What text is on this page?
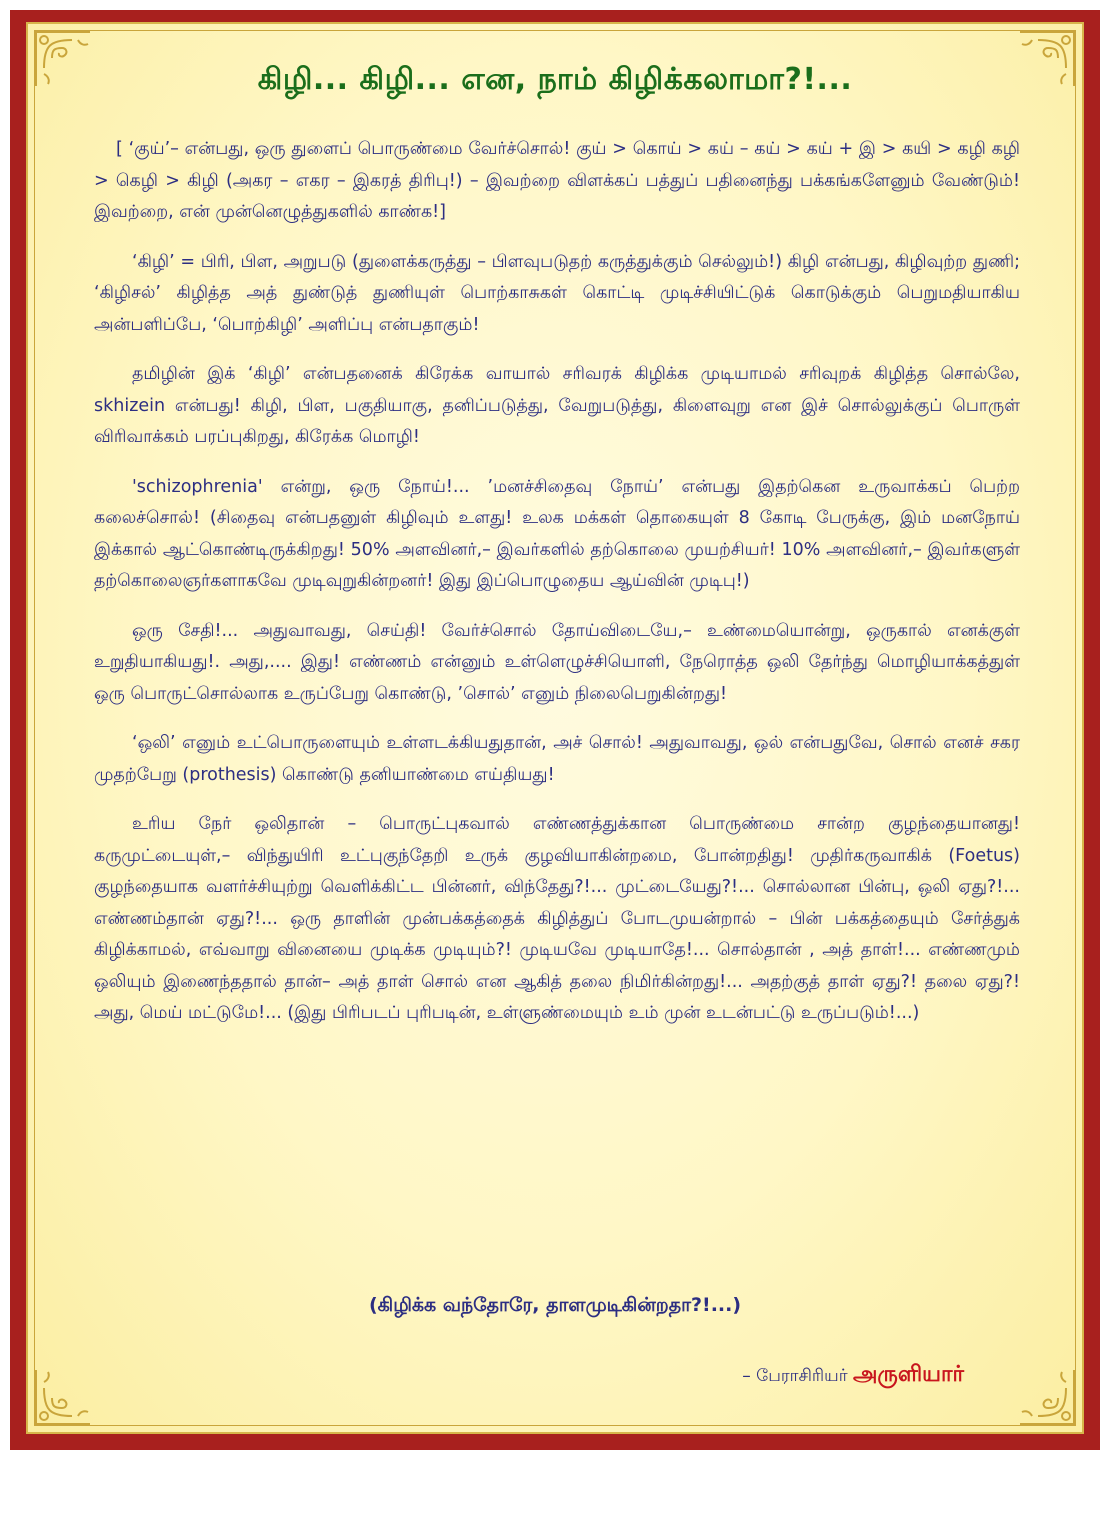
கிழி... கிழி... என, நாம் கிழிக்கலாமா?!...

[ ‘குய்’– என்பது, ஒரு துளைப் பொருண்மை வேர்ச்சொல்! குய் > கொய் > கய் – கய் > கய் + இ > கயி > கழி கழி > கெழி > கிழி (அகர – எகர – இகரத் திரிபு!) – இவற்றை விளக்கப் பத்துப் பதினைந்து பக்கங்களேனும் வேண்டும்! இவற்றை, என் முன்னெழுத்துகளில் காண்க!]

‘கிழி’ = பிரி, பிள, அறுபடு (துளைக்கருத்து – பிளவுபடுதற் கருத்துக்கும் செல்லும்!) கிழி என்பது, கிழிவுற்ற துணி; ‘கிழிசல்’ கிழித்த அத் துண்டுத் துணியுள் பொற்காசுகள் கொட்டி முடிச்சியிட்டுக் கொடுக்கும் பெறுமதியாகிய அன்பளிப்பே, ‘பொற்கிழி’ அளிப்பு என்பதாகும்!

தமிழின் இக் ‘கிழி’ என்பதனைக் கிரேக்க வாயால் சரிவரக் கிழிக்க முடியாமல் சரிவுறக் கிழித்த சொல்லே, skhizein என்பது! கிழி, பிள, பகுதியாகு, தனிப்படுத்து, வேறுபடுத்து, கிளைவுறு என இச் சொல்லுக்குப் பொருள் விரிவாக்கம் பரப்புகிறது, கிரேக்க மொழி!

'schizophrenia' என்று, ஒரு நோய்!... ’மனச்சிதைவு நோய்’ என்பது இதற்கென உருவாக்கப் பெற்ற கலைச்சொல்! (சிதைவு என்பதனுள் கிழிவும் உளது! உலக மக்கள் தொகையுள் 8 கோடி பேருக்கு, இம் மனநோய் இக்கால் ஆட்கொண்டிருக்கிறது! 50% அளவினர்,– இவர்களில் தற்கொலை முயற்சியர்! 10% அளவினர்,– இவர்களுள் தற்கொலைஞர்களாகவே முடிவுறுகின்றனர்! இது இப்பொழுதைய ஆய்வின் முடிபு!)

ஒரு சேதி!... அதுவாவது, செய்தி! வேர்ச்சொல் தோய்விடையே,– உண்மையொன்று, ஒருகால் எனக்குள் உறுதியாகியது!. அது,.... இது! எண்ணம் என்னும் உள்ளெழுச்சியொளி, நேரொத்த ஒலி தேர்ந்து மொழியாக்கத்துள் ஒரு பொருட்சொல்லாக உருப்பேறு கொண்டு, ’சொல்’ எனும் நிலைபெறுகின்றது!

‘ஒலி’ எனும் உட்பொருளையும் உள்ளடக்கியதுதான், அச் சொல்! அதுவாவது, ஒல் என்பதுவே, சொல் எனச் சகர முதற்பேறு (prothesis) கொண்டு தனியாண்மை எய்தியது!

உரிய நேர் ஒலிதான் – பொருட்புகவால் எண்ணத்துக்கான பொருண்மை சான்ற குழந்தையானது! கருமுட்டையுள்,– விந்துயிரி உட்புகுந்தேறி உருக் குழவியாகின்றமை, போன்றதிது! முதிர்கருவாகிக் (Foetus) குழந்தையாக வளர்ச்சியுற்று வெளிக்கிட்ட பின்னர், விந்தேது?!... முட்டையேது?!... சொல்லான பின்பு, ஒலி ஏது?!... எண்ணம்தான் ஏது?!... ஒரு தாளின் முன்பக்கத்தைக் கிழித்துப் போடமுயன்றால் – பின் பக்கத்தையும் சேர்த்துக் கிழிக்காமல், எவ்வாறு வினையை முடிக்க முடியும்?! முடியவே முடியாதே!... சொல்தான் , அத் தாள்!... எண்ணமும் ஒலியும் இணைந்ததால் தான்– அத் தாள் சொல் என ஆகித் தலை நிமிர்கின்றது!... அதற்குத் தாள் ஏது?! தலை ஏது?! அது, மெய் மட்டுமே!... (இது பிரிபடப் புரிபடின், உள்ளுண்மையும் உம் முன் உடன்பட்டு உருப்படும்!...)

(கிழிக்க வந்தோரே, தாளமுடிகின்றதா?!...)
– பேராசிரியர் அருளியார்
